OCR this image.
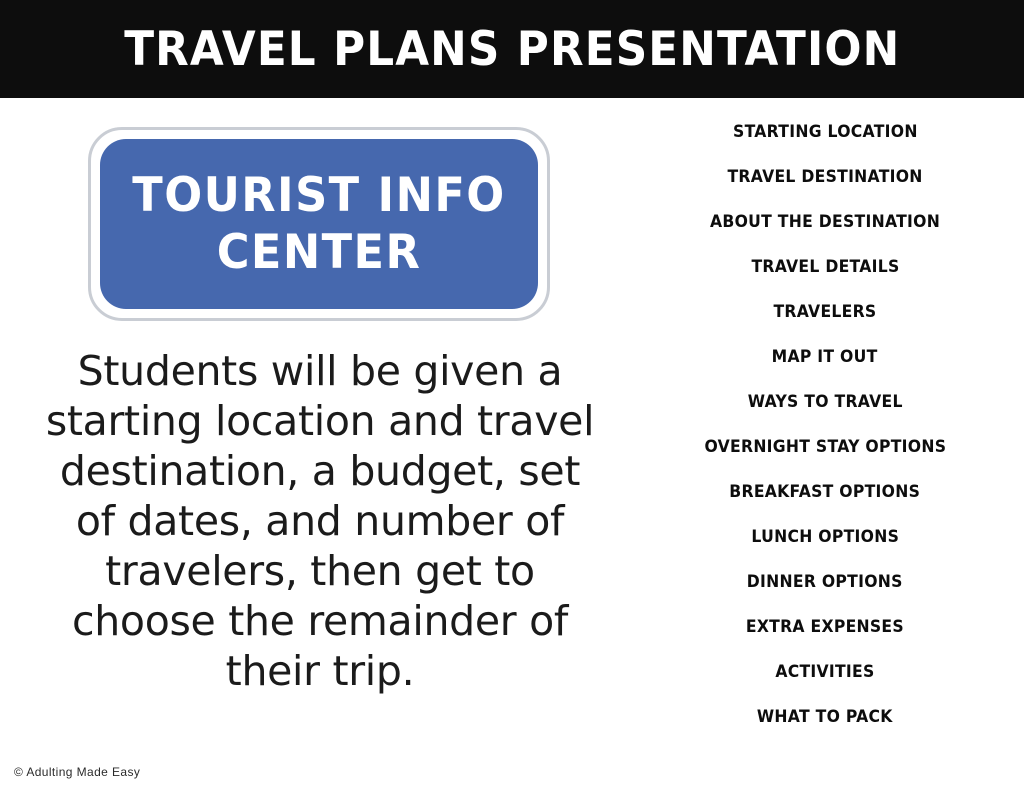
TRAVEL PLANS PRESENTATION
TOURIST INFO CENTER
Students will be given a starting location and travel destination, a budget, set of dates, and number of travelers, then get to choose the remainder of their trip.
© Adulting Made Easy
STARTING LOCATION
TRAVEL DESTINATION
ABOUT THE DESTINATION
TRAVEL DETAILS
TRAVELERS
MAP IT OUT
WAYS TO TRAVEL
OVERNIGHT STAY OPTIONS
BREAKFAST OPTIONS
LUNCH OPTIONS
DINNER OPTIONS
EXTRA EXPENSES
ACTIVITIES
WHAT TO PACK
